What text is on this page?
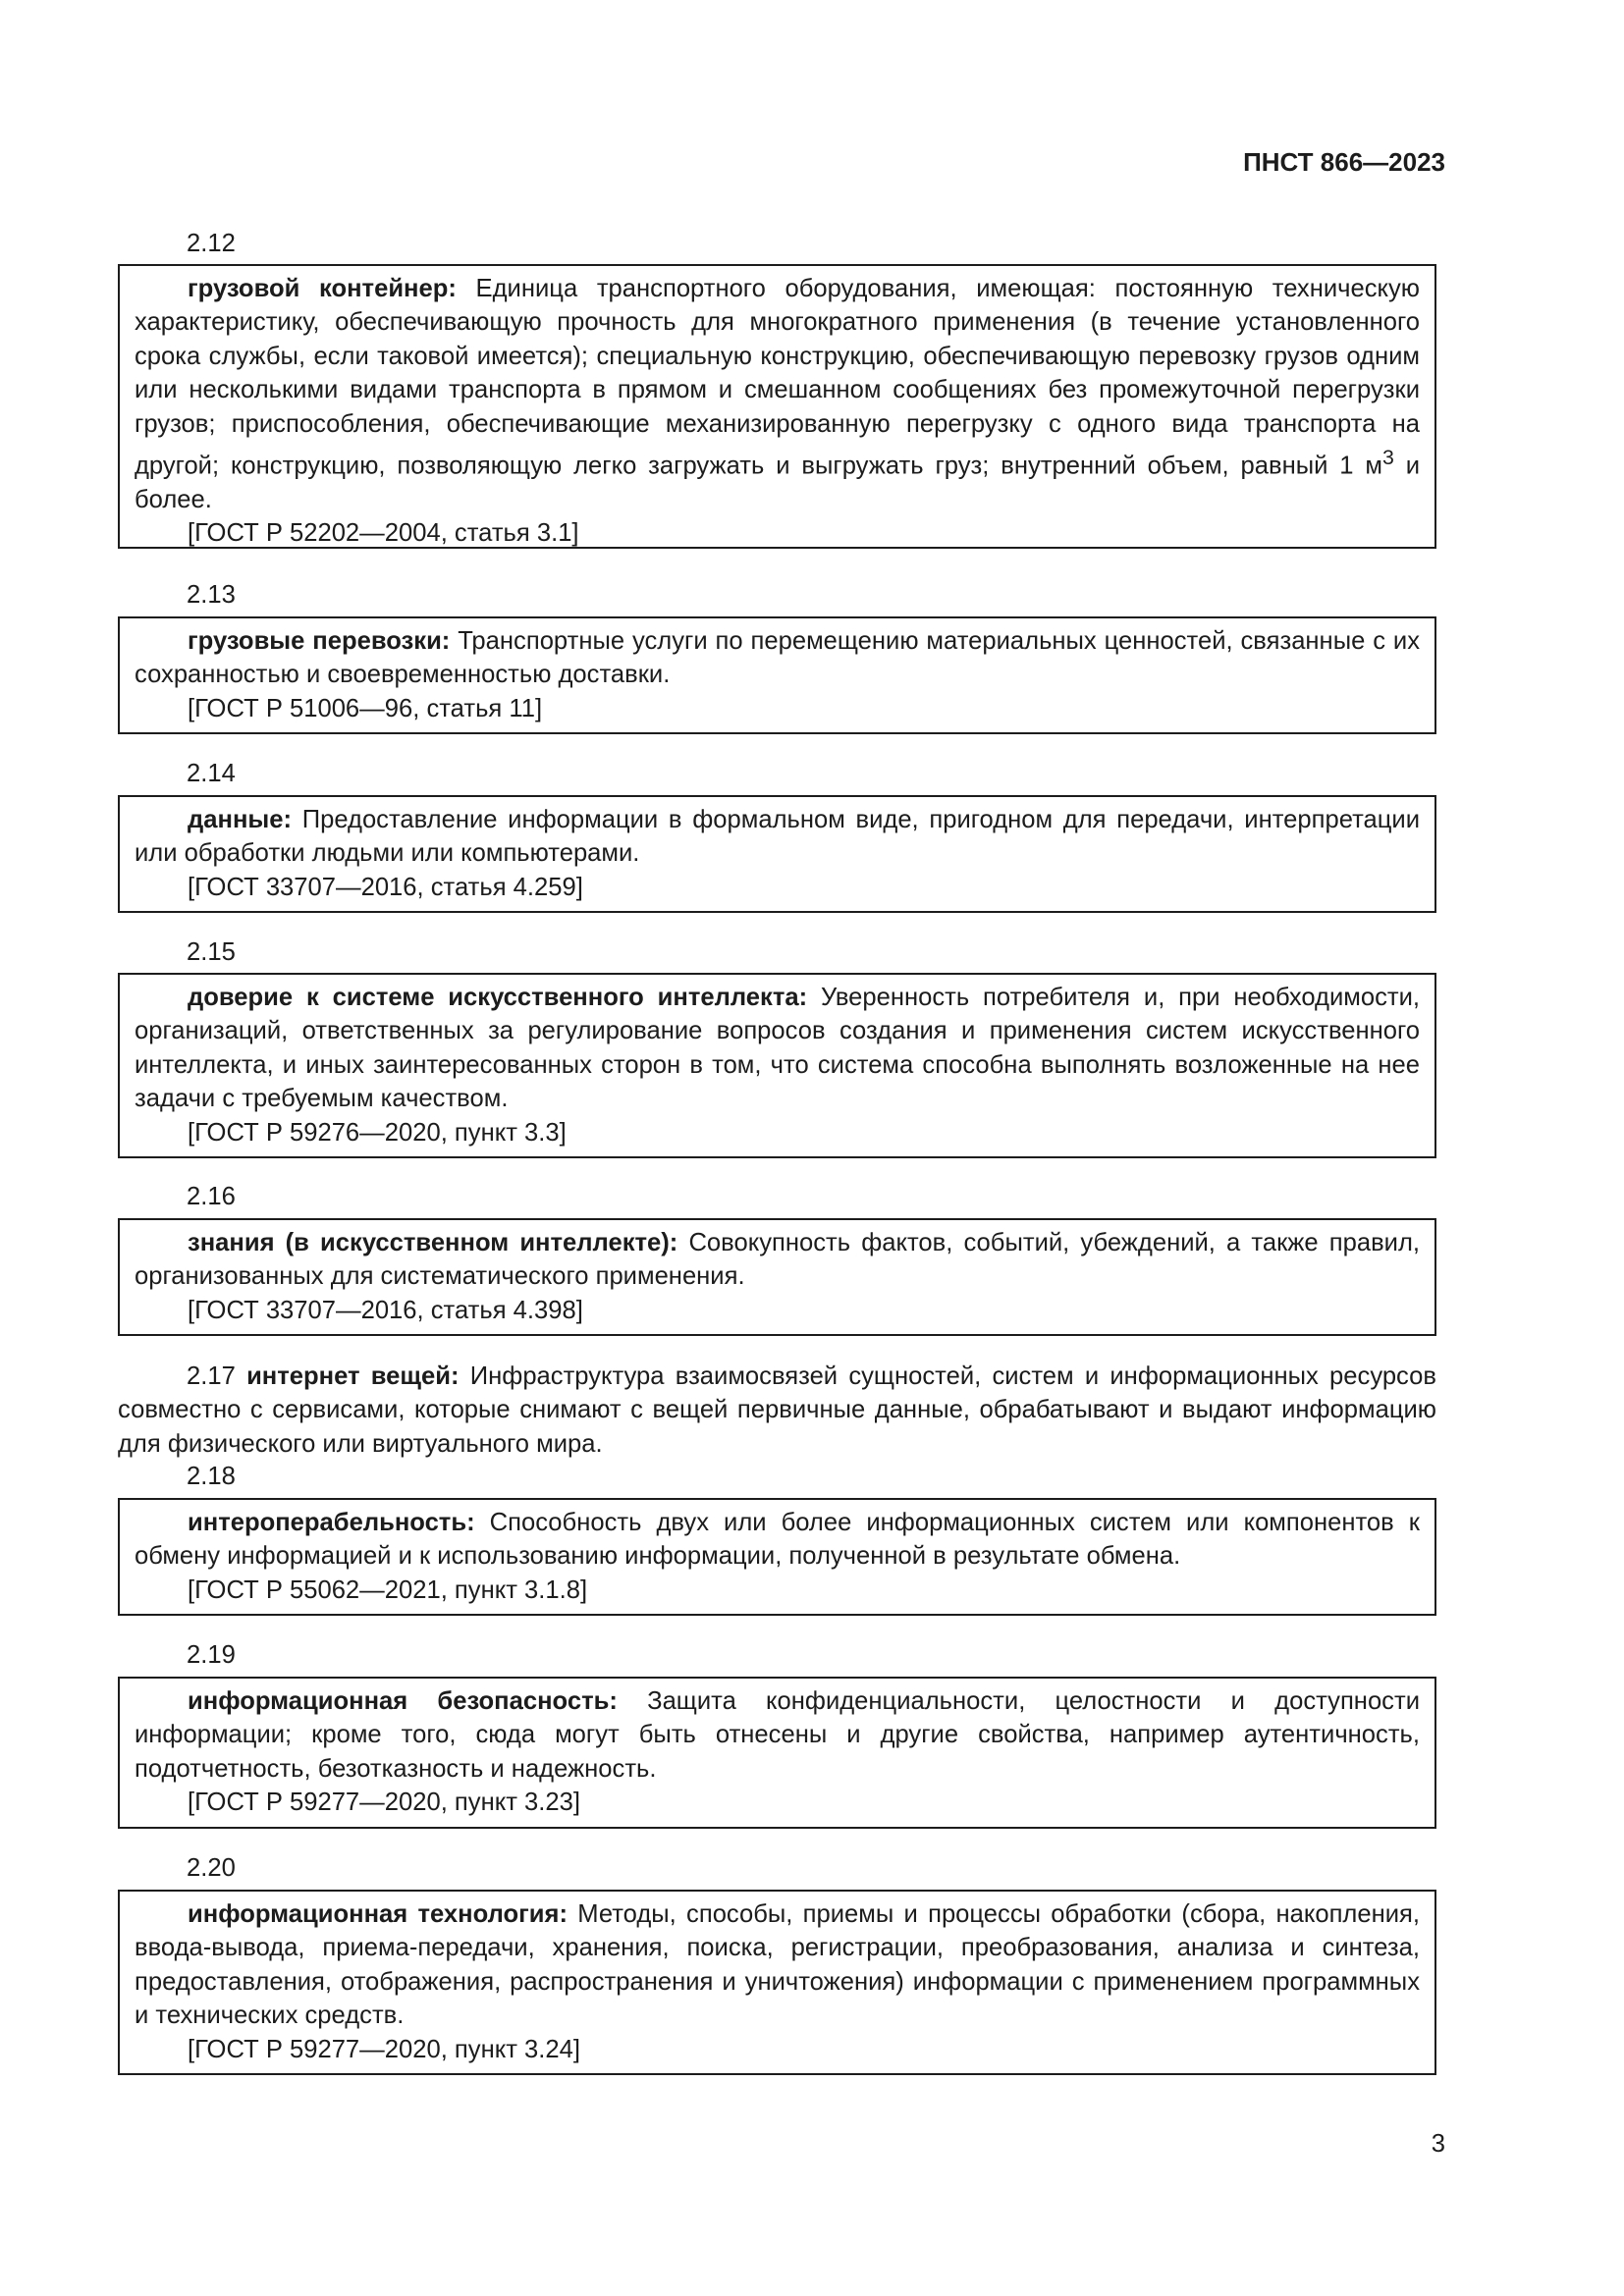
ПНСТ 866—2023
2.12

грузовой контейнер: Единица транспортного оборудования, имеющая: постоянную техническую характеристику, обеспечивающую прочность для многократного применения (в течение установленного срока службы, если таковой имеется); специальную конструкцию, обеспечивающую перевозку грузов одним или несколькими видами транспорта в прямом и смешанном сообщениях без промежуточной перегрузки грузов; приспособления, обеспечивающие механизированную перегрузку с одного вида транспорта на другой; конструкцию, позволяющую легко загружать и выгружать груз; внутренний объем, равный 1 $м^3$ и более.

[ГОСТ Р 52202—2004, статья 3.1]

2.13

грузовые перевозки: Транспортные услуги по перемещению материальных ценностей, связанные с их сохранностью и своевременностью доставки.

[ГОСТ Р 51006—96, статья 11]

2.14

данные: Предоставление информации в формальном виде, пригодном для передачи, интерпретации или обработки людьми или компьютерами.

[ГОСТ 33707—2016, статья 4.259]

2.15

доверие к системе искусственного интеллекта: Уверенность потребителя и, при необходимости, организаций, ответственных за регулирование вопросов создания и применения систем искусственного интеллекта, и иных заинтересованных сторон в том, что система способна выполнять возложенные на нее задачи с требуемым качеством.

[ГОСТ Р 59276—2020, пункт 3.3]

2.16

знания (в искусственном интеллекте): Совокупность фактов, событий, убеждений, а также правил, организованных для систематического применения.

[ГОСТ 33707—2016, статья 4.398]

2.17 интернет вещей: Инфраструктура взаимосвязей сущностей, систем и информационных ресурсов совместно с сервисами, которые снимают с вещей первичные данные, обрабатывают и выдают информацию для физического или виртуального мира.

2.18

интероперабельность: Способность двух или более информационных систем или компонентов к обмену информацией и к использованию информации, полученной в результате обмена.

[ГОСТ Р 55062—2021, пункт 3.1.8]

2.19

информационная безопасность: Защита конфиденциальности, целостности и доступности информации; кроме того, сюда могут быть отнесены и другие свойства, например аутентичность, подотчетность, безотказность и надежность.

[ГОСТ Р 59277—2020, пункт 3.23]

2.20

информационная технология: Методы, способы, приемы и процессы обработки (сбора, накопления, ввода-вывода, приема-передачи, хранения, поиска, регистрации, преобразования, анализа и синтеза, предоставления, отображения, распространения и уничтожения) информации с применением программных и технических средств.

[ГОСТ Р 59277—2020, пункт 3.24]

3
